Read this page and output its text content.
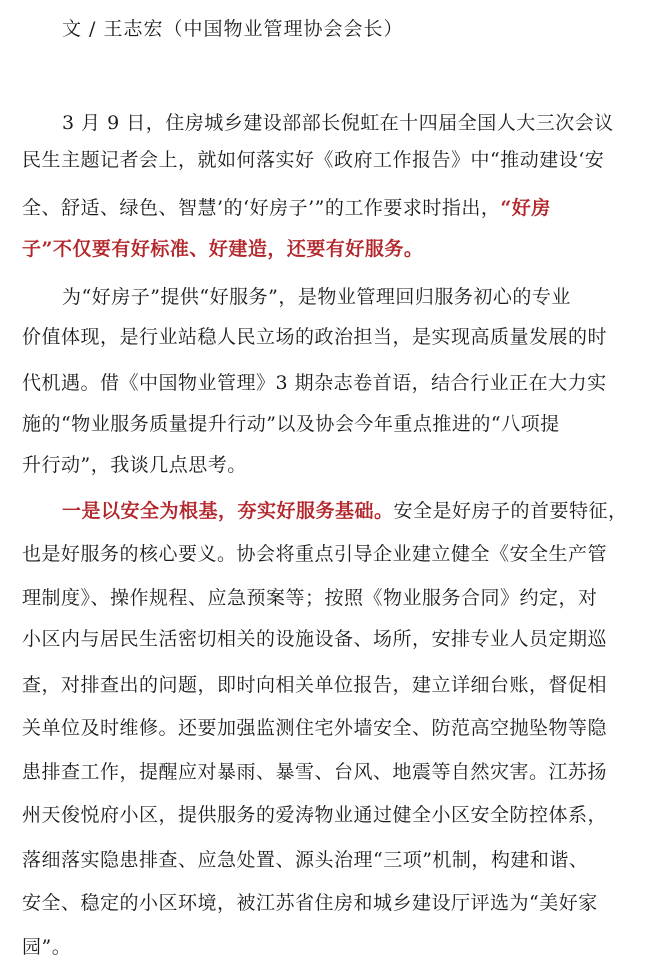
文 / 王志宏（中国物业管理协会会长）
3 月 9 日，住房城乡建设部部长倪虹在十四届全国人大三次会议
民生主题记者会上，就如何落实好《政府工作报告》中“推动建设‘安
全、舒适、绿色、智慧’的‘好房子’”的工作要求时指出，“好房
子”不仅要有好标准、好建造，还要有好服务。
为“好房子”提供“好服务”，是物业管理回归服务初心的专业
价值体现，是行业站稳人民立场的政治担当，是实现高质量发展的时
代机遇。借《中国物业管理》3 期杂志卷首语，结合行业正在大力实
施的“物业服务质量提升行动”以及协会今年重点推进的“八项提
升行动”，我谈几点思考。
一是以安全为根基，夯实好服务基础。安全是好房子的首要特征，
也是好服务的核心要义。协会将重点引导企业建立健全《安全生产管
理制度》、操作规程、应急预案等；按照《物业服务合同》约定，对
小区内与居民生活密切相关的设施设备、场所，安排专业人员定期巡
查，对排查出的问题，即时向相关单位报告，建立详细台账，督促相
关单位及时维修。还要加强监测住宅外墙安全、防范高空抛坠物等隐
患排查工作，提醒应对暴雨、暴雪、台风、地震等自然灾害。江苏扬
州天俊悦府小区，提供服务的爱涛物业通过健全小区安全防控体系，
落细落实隐患排查、应急处置、源头治理“三项”机制，构建和谐、
安全、稳定的小区环境，被江苏省住房和城乡建设厅评选为“美好家
园”。
